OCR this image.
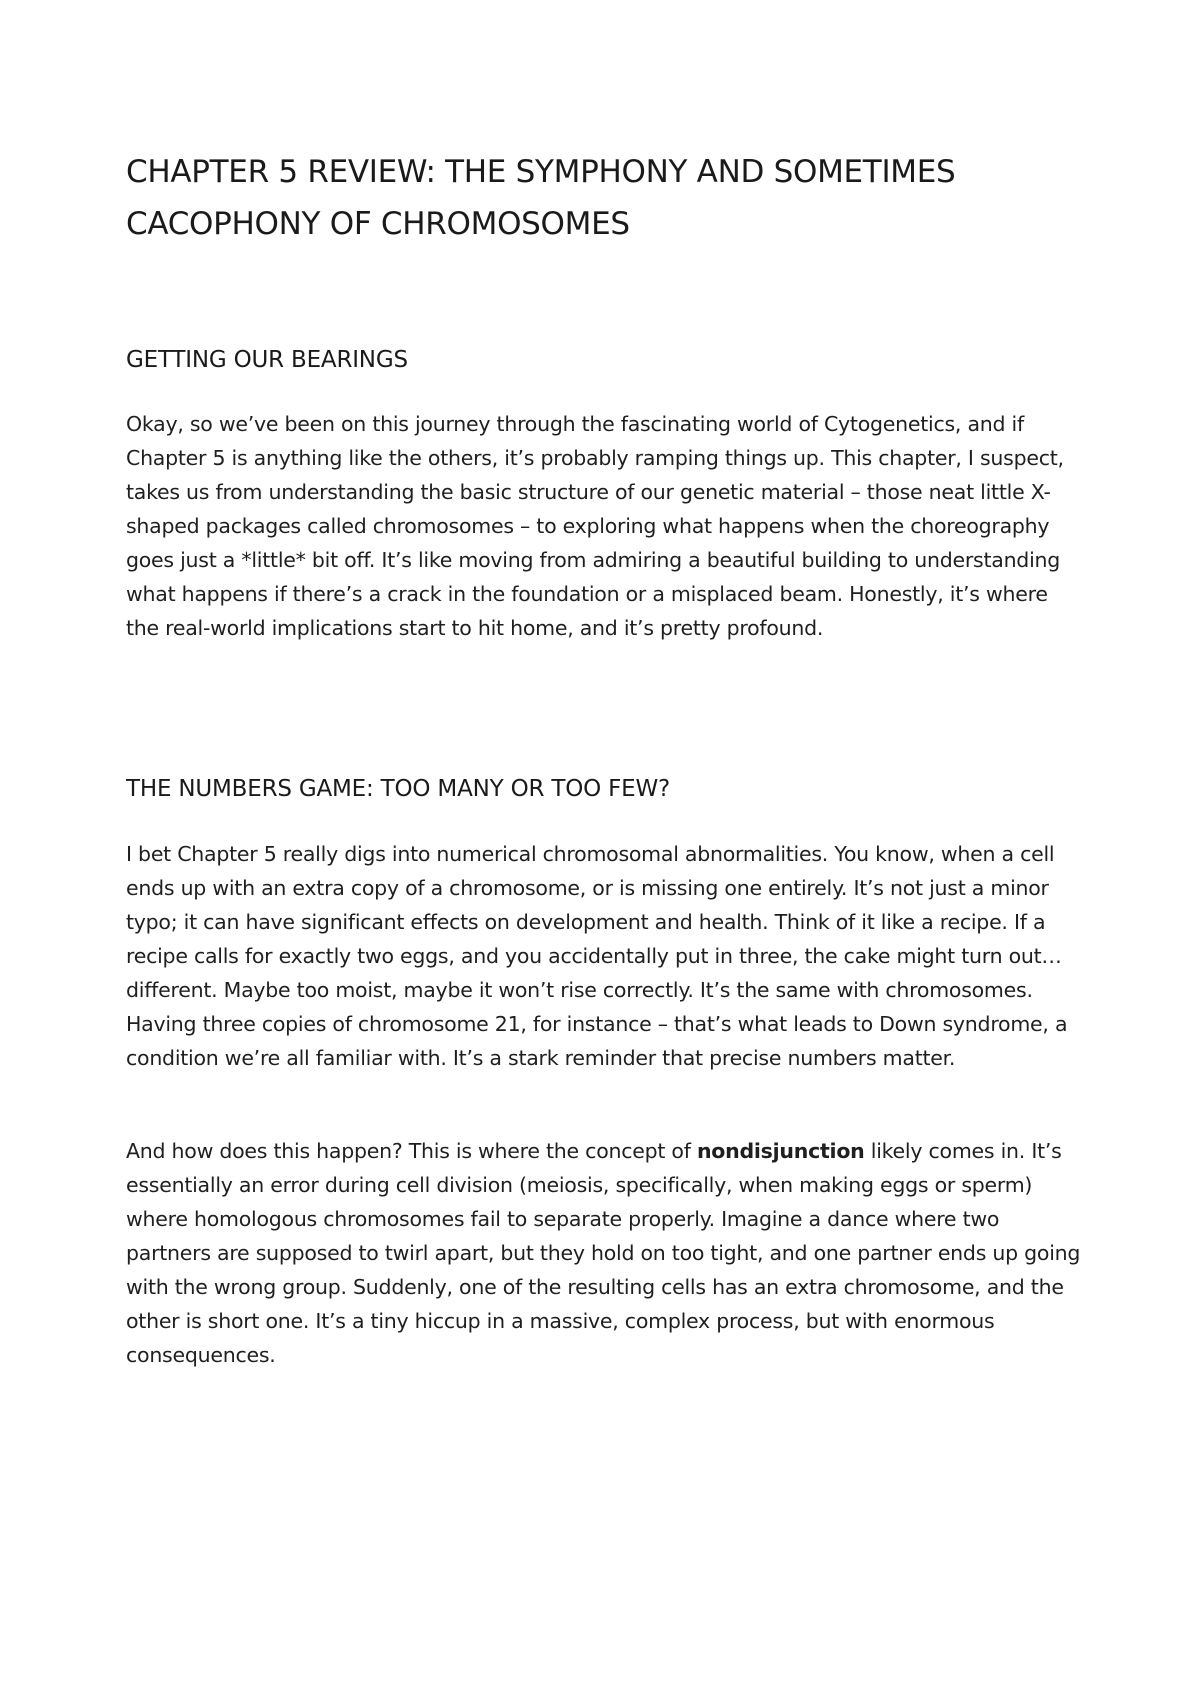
CHAPTER 5 REVIEW: THE SYMPHONY AND SOMETIMES CACOPHONY OF CHROMOSOMES
GETTING OUR BEARINGS

Okay, so we’ve been on this journey through the fascinating world of Cytogenetics, and if Chapter 5 is anything like the others, it’s probably ramping things up. This chapter, I suspect, takes us from understanding the basic structure of our genetic material – those neat little X-shaped packages called chromosomes – to exploring what happens when the choreography goes just a *little* bit off. It’s like moving from admiring a beautiful building to understanding what happens if there’s a crack in the foundation or a misplaced beam. Honestly, it’s where the real-world implications start to hit home, and it’s pretty profound.

THE NUMBERS GAME: TOO MANY OR TOO FEW?

I bet Chapter 5 really digs into numerical chromosomal abnormalities. You know, when a cell ends up with an extra copy of a chromosome, or is missing one entirely. It’s not just a minor typo; it can have significant effects on development and health. Think of it like a recipe. If a recipe calls for exactly two eggs, and you accidentally put in three, the cake might turn out… different. Maybe too moist, maybe it won’t rise correctly. It’s the same with chromosomes. Having three copies of chromosome 21, for instance – that’s what leads to Down syndrome, a condition we’re all familiar with. It’s a stark reminder that precise numbers matter.

And how does this happen? This is where the concept of nondisjunction likely comes in. It’s essentially an error during cell division (meiosis, specifically, when making eggs or sperm) where homologous chromosomes fail to separate properly. Imagine a dance where two partners are supposed to twirl apart, but they hold on too tight, and one partner ends up going with the wrong group. Suddenly, one of the resulting cells has an extra chromosome, and the other is short one. It’s a tiny hiccup in a massive, complex process, but with enormous consequences.
